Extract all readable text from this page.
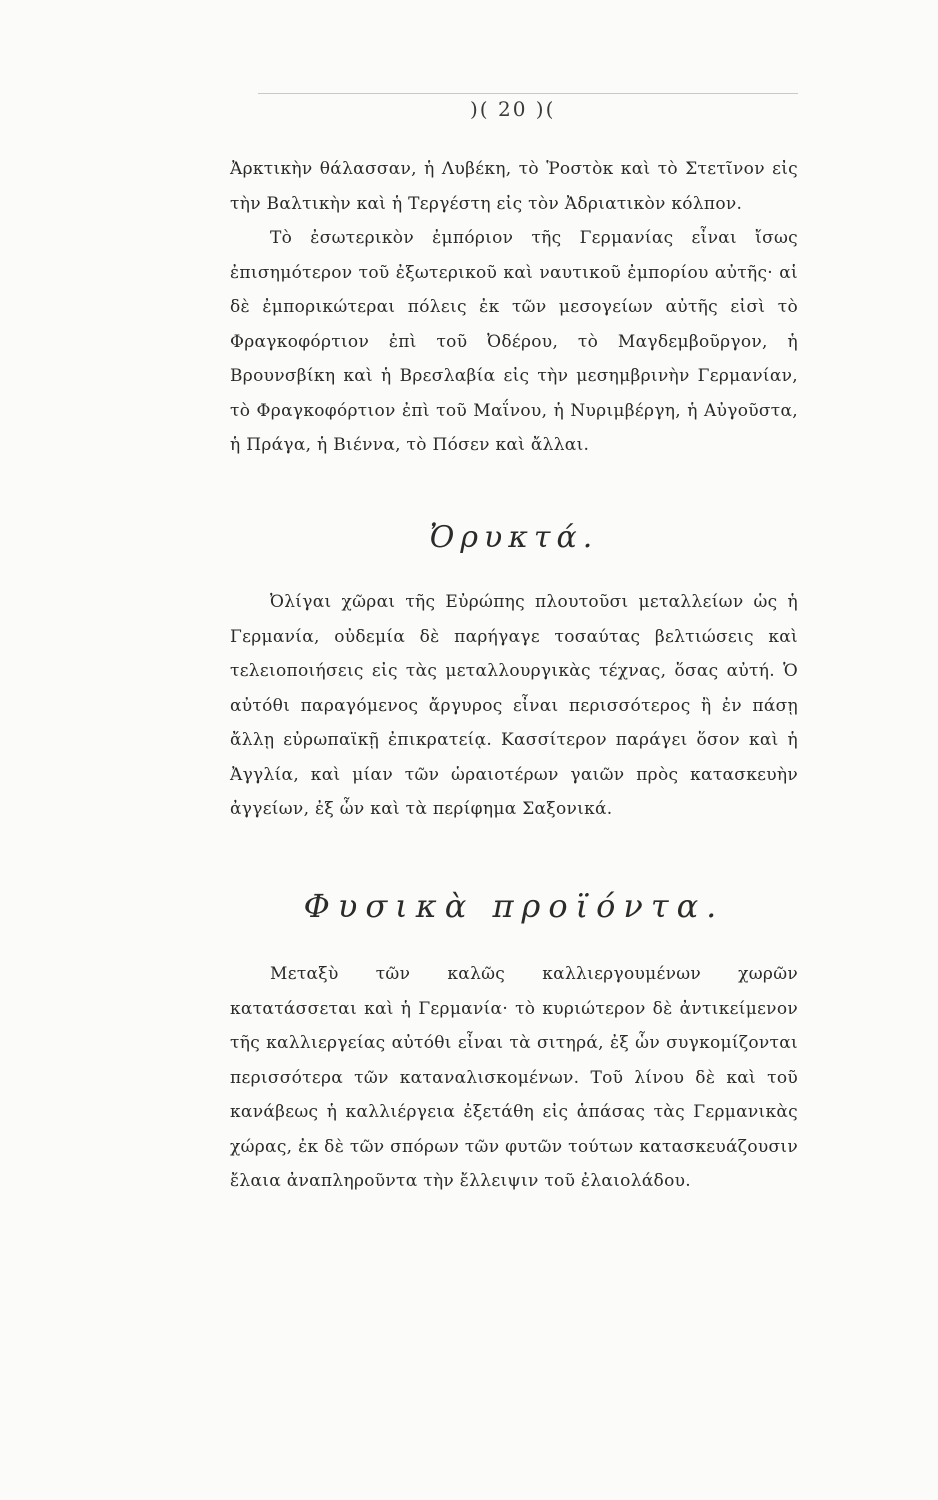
)( 20 )(

Ἀρκτικὴν θάλασσαν, ἡ Λυβέκη, τὸ Ῥοστὸκ καὶ τὸ Στετῖνον εἰς τὴν Βαλτικὴν καὶ ἡ Τεργέστη εἰς τὸν Ἀδριατικὸν κόλπον.

Τὸ ἐσωτερικὸν ἐμπόριον τῆς Γερμανίας εἶναι ἴσως ἐπισημότερον τοῦ ἐξωτερικοῦ καὶ ναυτικοῦ ἐμπορίου αὐτῆς· αἱ δὲ ἐμπορικώτεραι πόλεις ἐκ τῶν μεσογείων αὐτῆς εἰσὶ τὸ Φραγκοφόρτιον ἐπὶ τοῦ Ὀδέρου, τὸ Μαγδεμβοῦργον, ἡ Βρουνσβίκη καὶ ἡ Βρεσλαβία εἰς τὴν μεσημβρινὴν Γερμανίαν, τὸ Φραγκοφόρτιον ἐπὶ τοῦ Μαΐνου, ἡ Νυριμβέργη, ἡ Αὐγοῦστα, ἡ Πράγα, ἡ Βιέννα, τὸ Πόσεν καὶ ἄλλαι.

Ὀρυκτά.

Ὀλίγαι χῶραι τῆς Εὐρώπης πλουτοῦσι μεταλλείων ὡς ἡ Γερμανία, οὐδεμία δὲ παρήγαγε τοσαύτας βελτιώσεις καὶ τελειοποιήσεις εἰς τὰς μεταλλουργικὰς τέχνας, ὅσας αὐτή. Ὁ αὐτόθι παραγόμενος ἄργυρος εἶναι περισσότερος ἢ ἐν πάσῃ ἄλλῃ εὐρωπαϊκῇ ἐπικρατείᾳ. Κασσίτερον παράγει ὅσον καὶ ἡ Ἀγγλία, καὶ μίαν τῶν ὡραιοτέρων γαιῶν πρὸς κατασκευὴν ἀγγείων, ἐξ ὧν καὶ τὰ περίφημα Σαξονικά.

Φυσικὰ προϊόντα.

Μεταξὺ τῶν καλῶς καλλιεργουμένων χωρῶν κατατάσσεται καὶ ἡ Γερμανία· τὸ κυριώτερον δὲ ἀντικείμενον τῆς καλλιεργείας αὐτόθι εἶναι τὰ σιτηρά, ἐξ ὧν συγκομίζονται περισσότερα τῶν καταναλισκομένων. Τοῦ λίνου δὲ καὶ τοῦ κανάβεως ἡ καλλιέργεια ἐξετάθη εἰς ἁπάσας τὰς Γερμανικὰς χώρας, ἐκ δὲ τῶν σπόρων τῶν φυτῶν τούτων κατασκευάζουσιν ἔλαια ἀναπληροῦντα τὴν ἔλλειψιν τοῦ ἐλαιολάδου.
